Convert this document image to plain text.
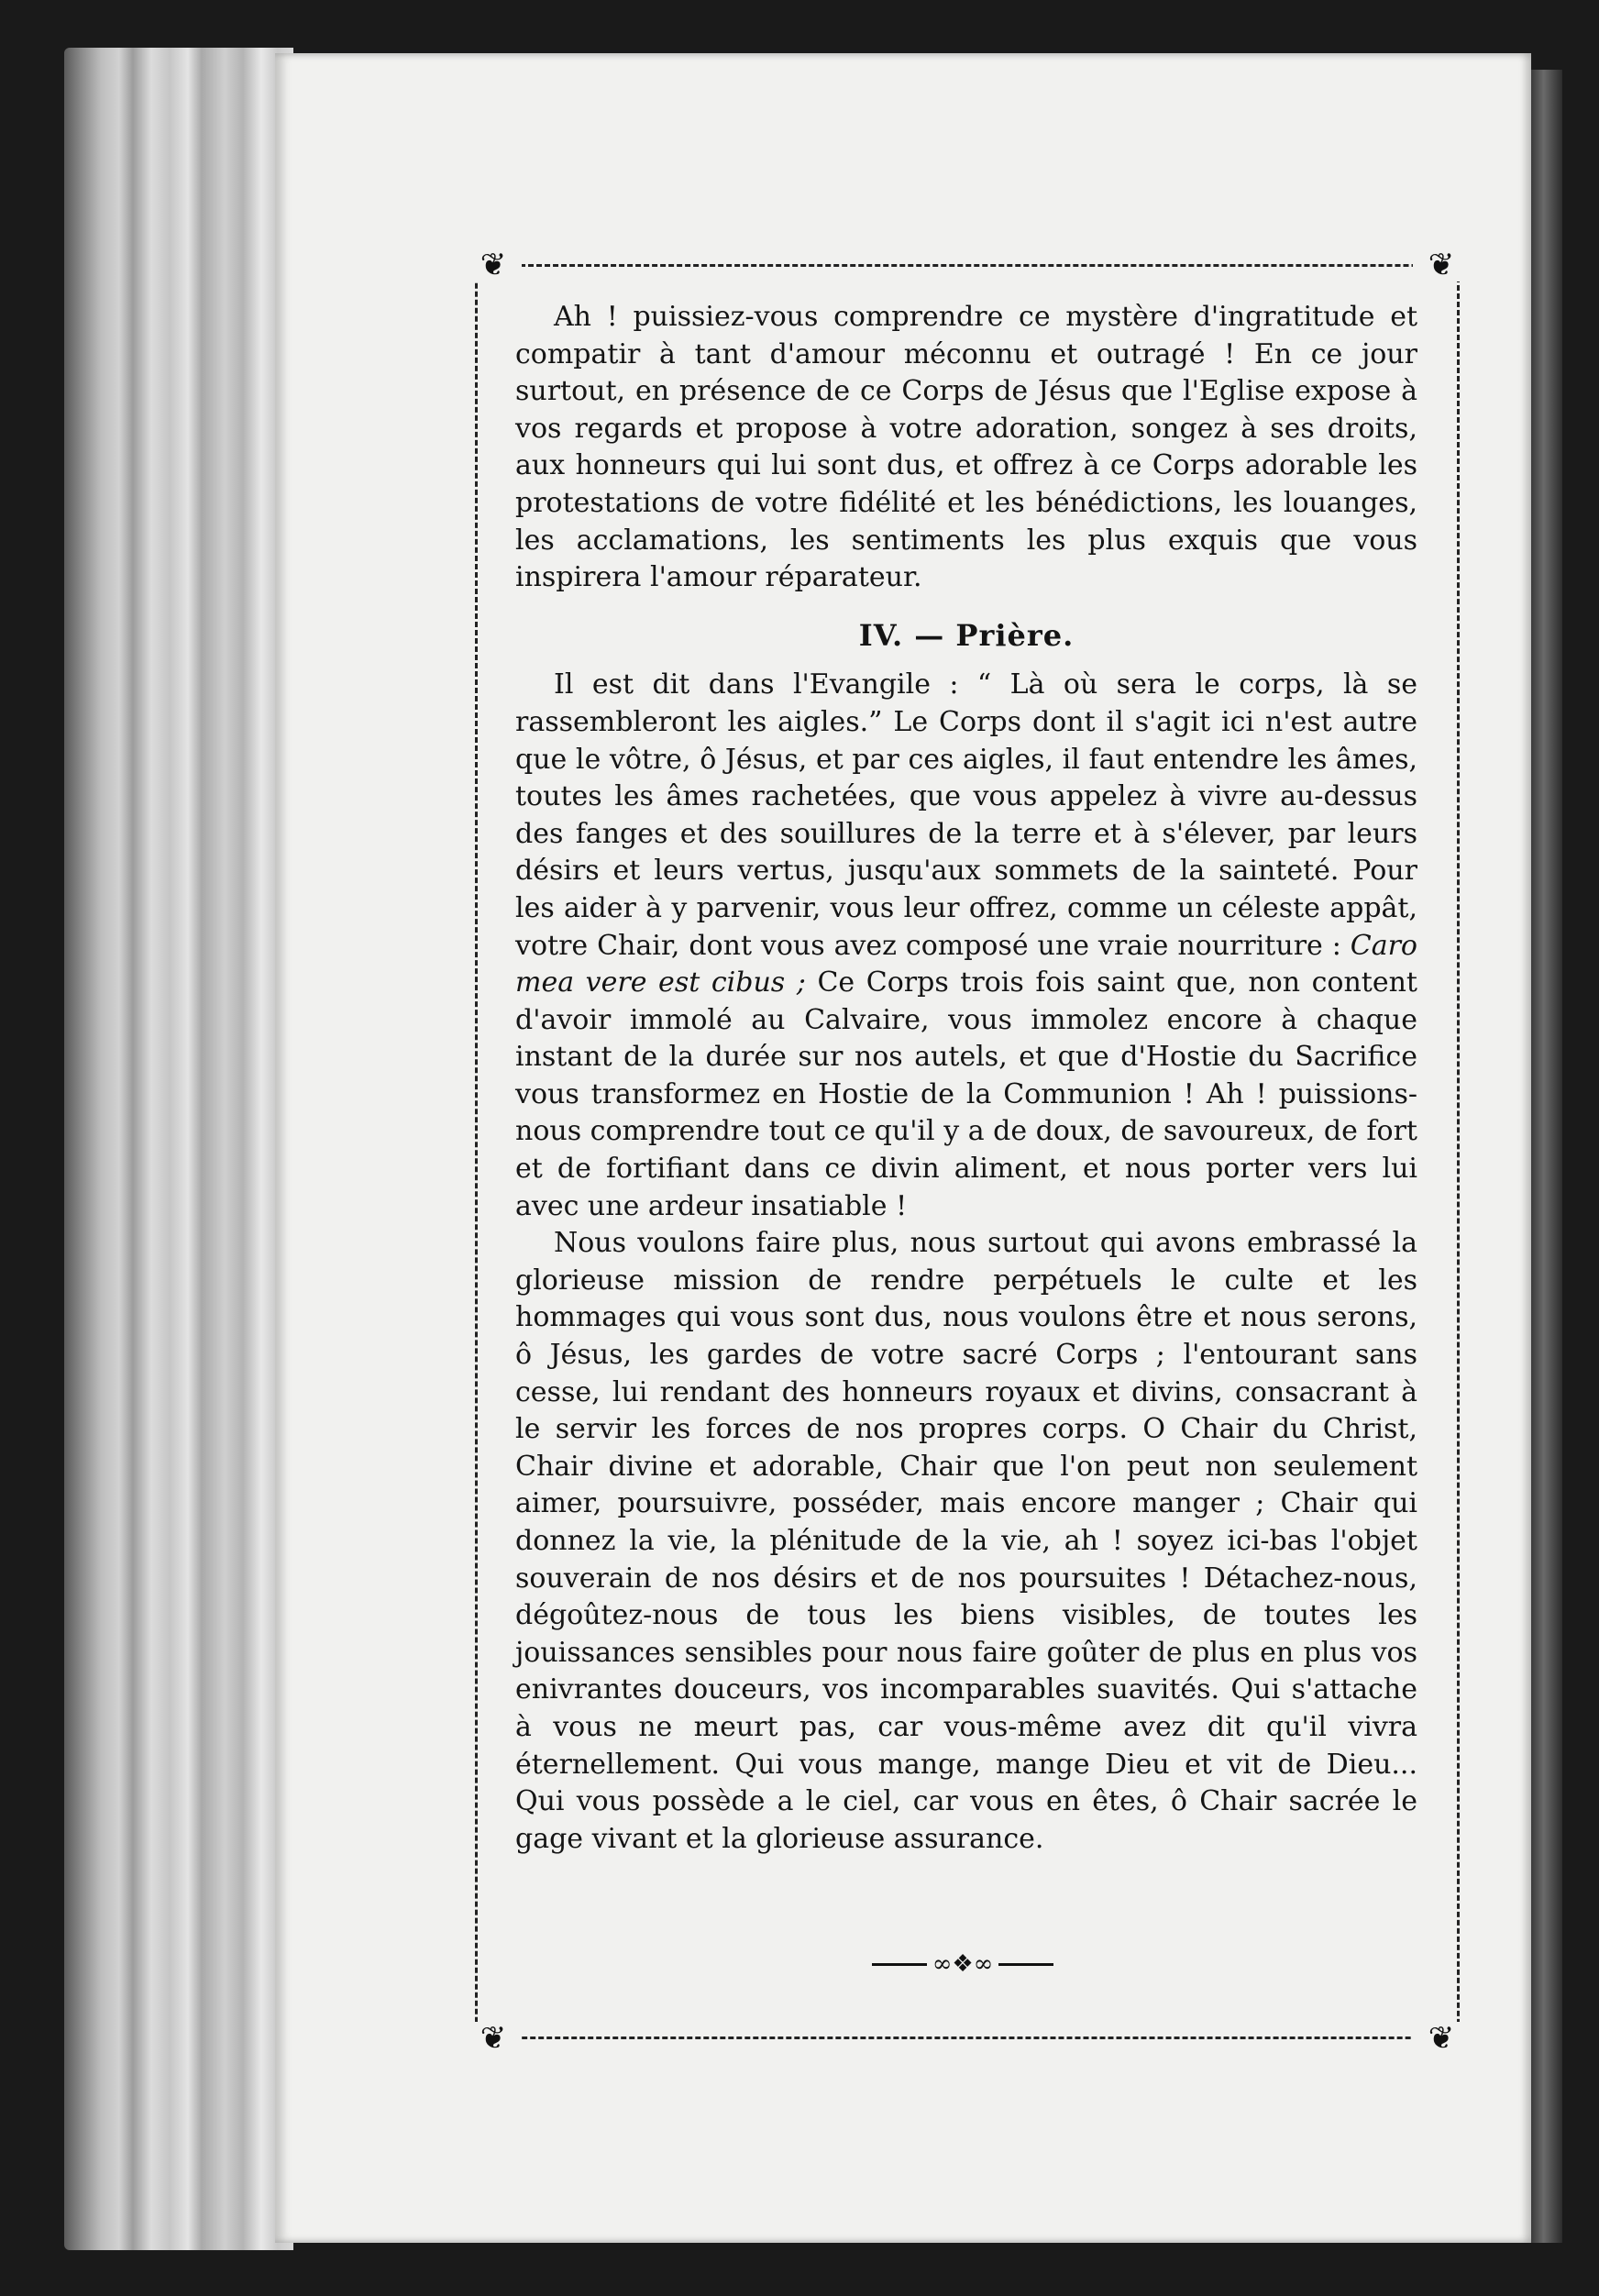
❦	❦
❦	❦

Ah ! puissiez-vous comprendre ce mystère d'ingratitude et compatir à tant d'amour méconnu et outragé ! En ce jour surtout, en présence de ce Corps de Jésus que l'Eglise expose à vos regards et propose à votre adoration, songez à ses droits, aux honneurs qui lui sont dus, et offrez à ce Corps adorable les protestations de votre fidélité et les bénédictions, les louanges, les acclamations, les sentiments les plus exquis que vous inspirera l'amour réparateur.

IV. — Prière.

Il est dit dans l'Evangile : “ Là où sera le corps, là se rassembleront les aigles.” Le Corps dont il s'agit ici n'est autre que le vôtre, ô Jésus, et par ces aigles, il faut entendre les âmes, toutes les âmes rachetées, que vous appelez à vivre au-dessus des fanges et des souillures de la terre et à s'élever, par leurs désirs et leurs vertus, jusqu'aux sommets de la sainteté. Pour les aider à y parvenir, vous leur offrez, comme un céleste appât, votre Chair, dont vous avez composé une vraie nourriture : Caro mea vere est cibus ; Ce Corps trois fois saint que, non content d'avoir immolé au Calvaire, vous immolez encore à chaque instant de la durée sur nos autels, et que d'Hostie du Sacrifice vous transformez en Hostie de la Communion ! Ah ! puissions-nous comprendre tout ce qu'il y a de doux, de savoureux, de fort et de fortifiant dans ce divin aliment, et nous porter vers lui avec une ardeur insatiable !

Nous voulons faire plus, nous surtout qui avons embrassé la glorieuse mission de rendre perpétuels le culte et les hommages qui vous sont dus, nous voulons être et nous serons, ô Jésus, les gardes de votre sacré Corps ; l'entourant sans cesse, lui rendant des honneurs royaux et divins, consacrant à le servir les forces de nos propres corps. O Chair du Christ, Chair divine et adorable, Chair que l'on peut non seulement aimer, poursuivre, posséder, mais encore manger ; Chair qui donnez la vie, la plénitude de la vie, ah ! soyez ici-bas l'objet souverain de nos désirs et de nos poursuites ! Détachez-nous, dégoûtez-nous de tous les biens visibles, de toutes les jouissances sensibles pour nous faire goûter de plus en plus vos enivrantes douceurs, vos incomparables suavités. Qui s'attache à vous ne meurt pas, car vous-même avez dit qu'il vivra éternellement. Qui vous mange, mange Dieu et vit de Dieu... Qui vous possède a le ciel, car vous en êtes, ô Chair sacrée le gage vivant et la glorieuse assurance.

∞❖∞
